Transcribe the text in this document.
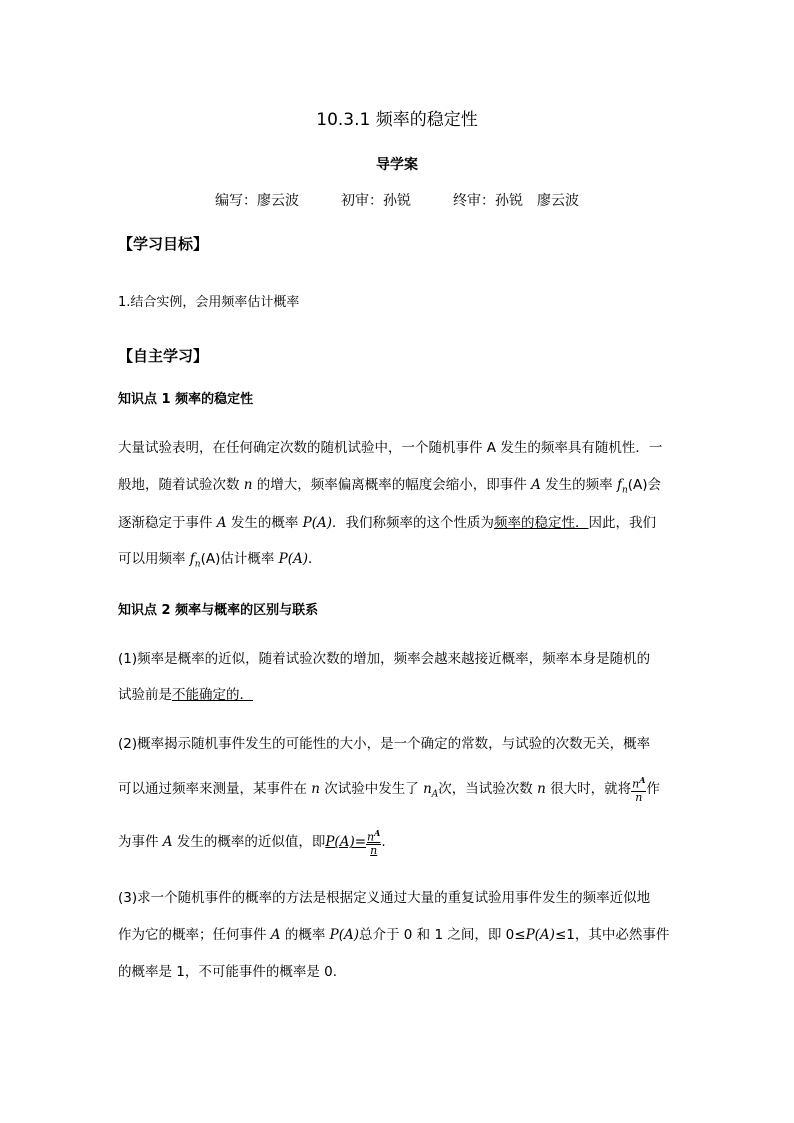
10.3.1 频率的稳定性
导学案
编写：廖云波	初审：孙锐	终审：孙锐 廖云波
【学习目标】
1.结合实例，会用频率估计概率
【自主学习】
知识点 1 频率的稳定性
大量试验表明，在任何确定次数的随机试验中，一个随机事件 A 发生的频率具有随机性．一
般地，随着试验次数 n 的增大，频率偏离概率的幅度会缩小，即事件 A 发生的频率 $f_n(A)$会
逐渐稳定于事件 A 发生的概率 P(A)．我们称频率的这个性质为频率的稳定性．因此，我们
可以用频率 $f_n(A)$估计概率 P(A)．
知识点 2 频率与概率的区别与联系
(1)频率是概率的近似，随着试验次数的增加，频率会越来越接近概率，频率本身是随机的
试验前是不能确定的．
(2)概率揭示随机事件发生的可能性的大小，是一个确定的常数，与试验的次数无关，概率
可以通过频率来测量，某事件在 n 次试验中发生了 $n_A$次，当试验次数 n 很大时，就将 $\frac{n^A}{n}$ 作
为事件 A 发生的概率的近似值，即$P(A)= \frac{n^A}{n}$ .
(3)求一个随机事件的概率的方法是根据定义通过大量的重复试验用事件发生的频率近似地
作为它的概率；任何事件 A 的概率 P(A)总介于 0 和 1 之间，即 0≤P(A)≤1，其中必然事件
的概率是 1，不可能事件的概率是 0.
